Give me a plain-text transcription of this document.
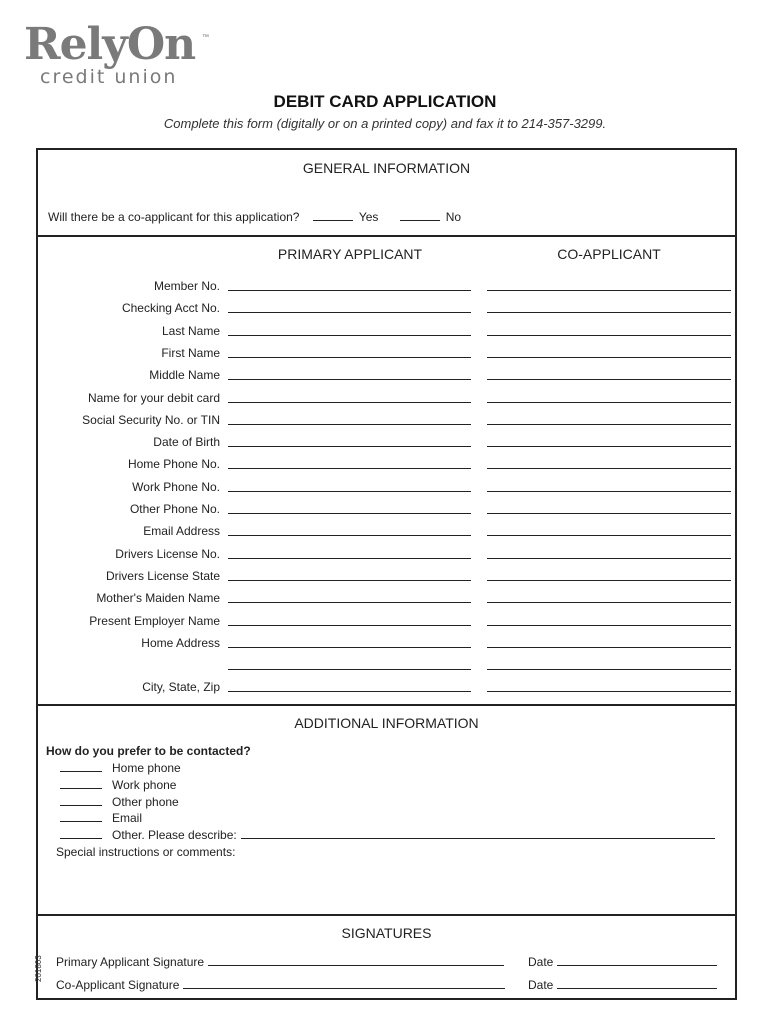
RelyOn ™
credit union
DEBIT CARD APPLICATION
Complete this form (digitally or on a printed copy) and fax it to 214-357-3299.
GENERAL INFORMATION
Will there be a co-applicant for this application?	Yes	No
PRIMARY APPLICANT	CO-APPLICANT
Member No.
Checking Acct No.
Last Name
First Name
Middle Name
Name for your debit card
Social Security No. or TIN
Date of Birth
Home Phone No.
Work Phone No.
Other Phone No.
Email Address
Drivers License No.
Drivers License State
Mother's Maiden Name
Present Employer Name
Home Address
City, State, Zip
ADDITIONAL INFORMATION
How do you prefer to be contacted?
Home phone
Work phone
Other phone
Email
Other. Please describe:
Special instructions or comments:
SIGNATURES
Primary Applicant Signature	Date
Co-Applicant Signature	Date
201803
